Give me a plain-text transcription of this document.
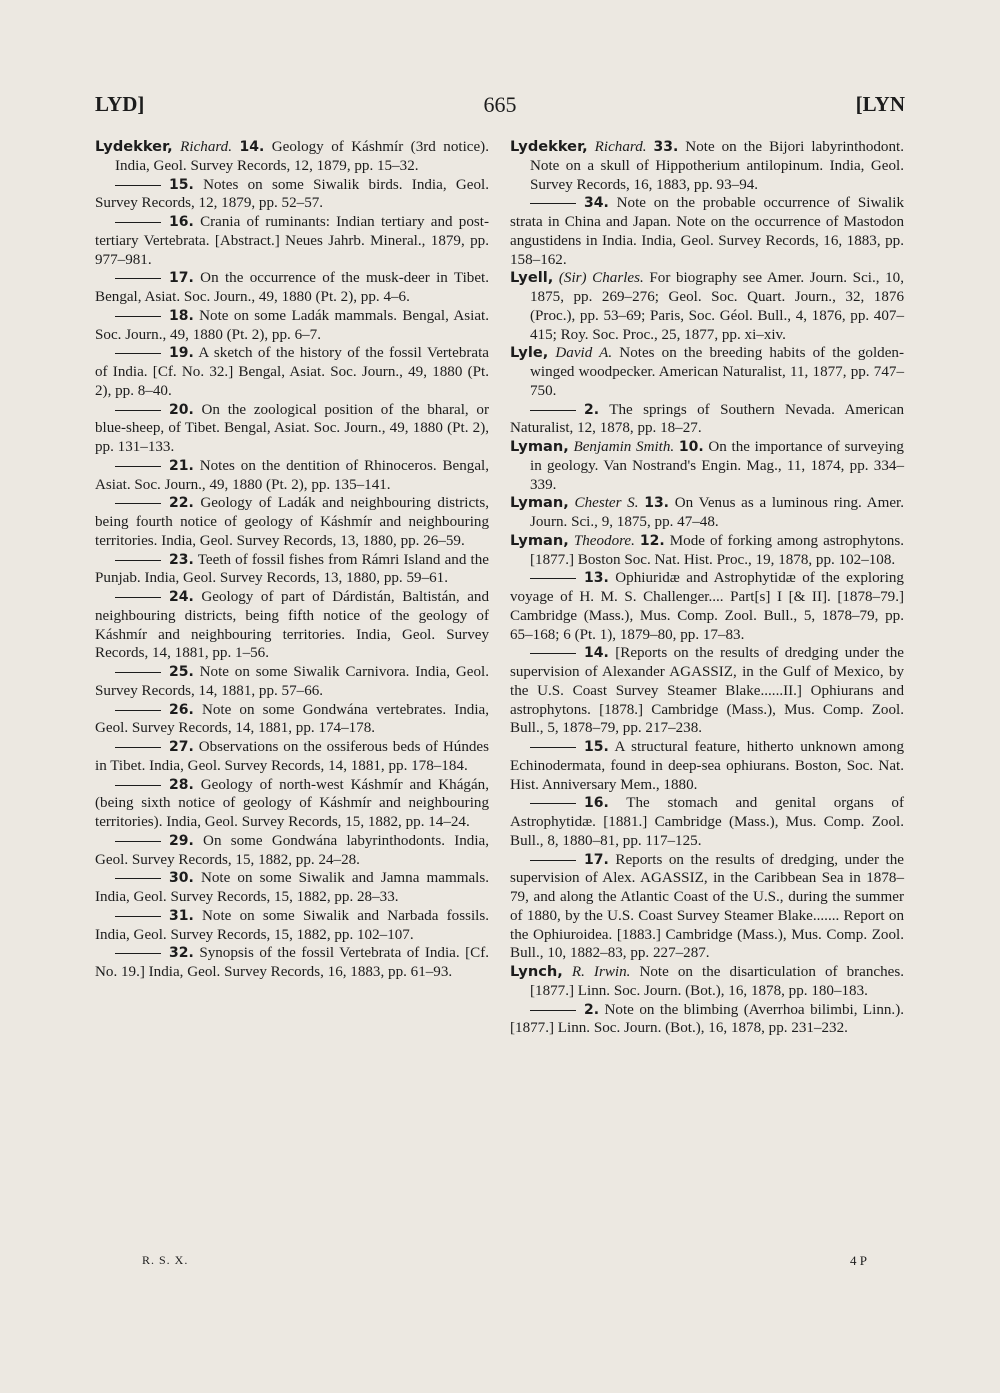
LYD]	665	[LYN

Lydekker, Richard. 14. Geology of Káshmír (3rd notice). India, Geol. Survey Records, 12, 1879, pp. 15–32.

15. Notes on some Siwalik birds. India, Geol. Survey Records, 12, 1879, pp. 52–57.

16. Crania of ruminants: Indian tertiary and post-tertiary Vertebrata. [Abstract.] Neues Jahrb. Mineral., 1879, pp. 977–981.

17. On the occurrence of the musk-deer in Tibet. Bengal, Asiat. Soc. Journ., 49, 1880 (Pt. 2), pp. 4–6.

18. Note on some Ladák mammals. Bengal, Asiat. Soc. Journ., 49, 1880 (Pt. 2), pp. 6–7.

19. A sketch of the history of the fossil Vertebrata of India. [Cf. No. 32.] Bengal, Asiat. Soc. Journ., 49, 1880 (Pt. 2), pp. 8–40.

20. On the zoological position of the bharal, or blue-sheep, of Tibet. Bengal, Asiat. Soc. Journ., 49, 1880 (Pt. 2), pp. 131–133.

21. Notes on the dentition of Rhinoceros. Bengal, Asiat. Soc. Journ., 49, 1880 (Pt. 2), pp. 135–141.

22. Geology of Ladák and neighbouring districts, being fourth notice of geology of Káshmír and neighbouring territories. India, Geol. Survey Records, 13, 1880, pp. 26–59.

23. Teeth of fossil fishes from Rámri Island and the Punjab. India, Geol. Survey Records, 13, 1880, pp. 59–61.

24. Geology of part of Dárdistán, Baltistán, and neighbouring districts, being fifth notice of the geology of Káshmír and neighbouring territories. India, Geol. Survey Records, 14, 1881, pp. 1–56.

25. Note on some Siwalik Carnivora. India, Geol. Survey Records, 14, 1881, pp. 57–66.

26. Note on some Gondwána vertebrates. India, Geol. Survey Records, 14, 1881, pp. 174–178.

27. Observations on the ossiferous beds of Húndes in Tibet. India, Geol. Survey Records, 14, 1881, pp. 178–184.

28. Geology of north-west Káshmír and Khágán, (being sixth notice of geology of Káshmír and neighbouring territories). India, Geol. Survey Records, 15, 1882, pp. 14–24.

29. On some Gondwána labyrinthodonts. India, Geol. Survey Records, 15, 1882, pp. 24–28.

30. Note on some Siwalik and Jamna mammals. India, Geol. Survey Records, 15, 1882, pp. 28–33.

31. Note on some Siwalik and Narbada fossils. India, Geol. Survey Records, 15, 1882, pp. 102–107.

32. Synopsis of the fossil Vertebrata of India. [Cf. No. 19.] India, Geol. Survey Records, 16, 1883, pp. 61–93.

Lydekker, Richard. 33. Note on the Bijori labyrinthodont. Note on a skull of Hippotherium antilopinum. India, Geol. Survey Records, 16, 1883, pp. 93–94.

34. Note on the probable occurrence of Siwalik strata in China and Japan. Note on the occurrence of Mastodon angustidens in India. India, Geol. Survey Records, 16, 1883, pp. 158–162.

Lyell, (Sir) Charles. For biography see Amer. Journ. Sci., 10, 1875, pp. 269–276; Geol. Soc. Quart. Journ., 32, 1876 (Proc.), pp. 53–69; Paris, Soc. Géol. Bull., 4, 1876, pp. 407–415; Roy. Soc. Proc., 25, 1877, pp. xi–xiv.

Lyle, David A. Notes on the breeding habits of the golden-winged woodpecker. American Naturalist, 11, 1877, pp. 747–750.

2. The springs of Southern Nevada. American Naturalist, 12, 1878, pp. 18–27.

Lyman, Benjamin Smith. 10. On the importance of surveying in geology. Van Nostrand's Engin. Mag., 11, 1874, pp. 334–339.

Lyman, Chester S. 13. On Venus as a luminous ring. Amer. Journ. Sci., 9, 1875, pp. 47–48.

Lyman, Theodore. 12. Mode of forking among astrophytons. [1877.] Boston Soc. Nat. Hist. Proc., 19, 1878, pp. 102–108.

13. Ophiuridæ and Astrophytidæ of the exploring voyage of H. M. S. Challenger.... Part[s] I [& II]. [1878–79.] Cambridge (Mass.), Mus. Comp. Zool. Bull., 5, 1878–79, pp. 65–168; 6 (Pt. 1), 1879–80, pp. 17–83.

14. [Reports on the results of dredging under the supervision of Alexander AGASSIZ, in the Gulf of Mexico, by the U.S. Coast Survey Steamer Blake......II.] Ophiurans and astrophytons. [1878.] Cambridge (Mass.), Mus. Comp. Zool. Bull., 5, 1878–79, pp. 217–238.

15. A structural feature, hitherto unknown among Echinodermata, found in deep-sea ophiurans. Boston, Soc. Nat. Hist. Anniversary Mem., 1880.

16. The stomach and genital organs of Astrophytidæ. [1881.] Cambridge (Mass.), Mus. Comp. Zool. Bull., 8, 1880–81, pp. 117–125.

17. Reports on the results of dredging, under the supervision of Alex. AGASSIZ, in the Caribbean Sea in 1878–79, and along the Atlantic Coast of the U.S., during the summer of 1880, by the U.S. Coast Survey Steamer Blake....... Report on the Ophiuroidea. [1883.] Cambridge (Mass.), Mus. Comp. Zool. Bull., 10, 1882–83, pp. 227–287.

Lynch, R. Irwin. Note on the disarticulation of branches. [1877.] Linn. Soc. Journ. (Bot.), 16, 1878, pp. 180–183.

2. Note on the blimbing (Averrhoa bilimbi, Linn.). [1877.] Linn. Soc. Journ. (Bot.), 16, 1878, pp. 231–232.

R. S. X.	4 P
